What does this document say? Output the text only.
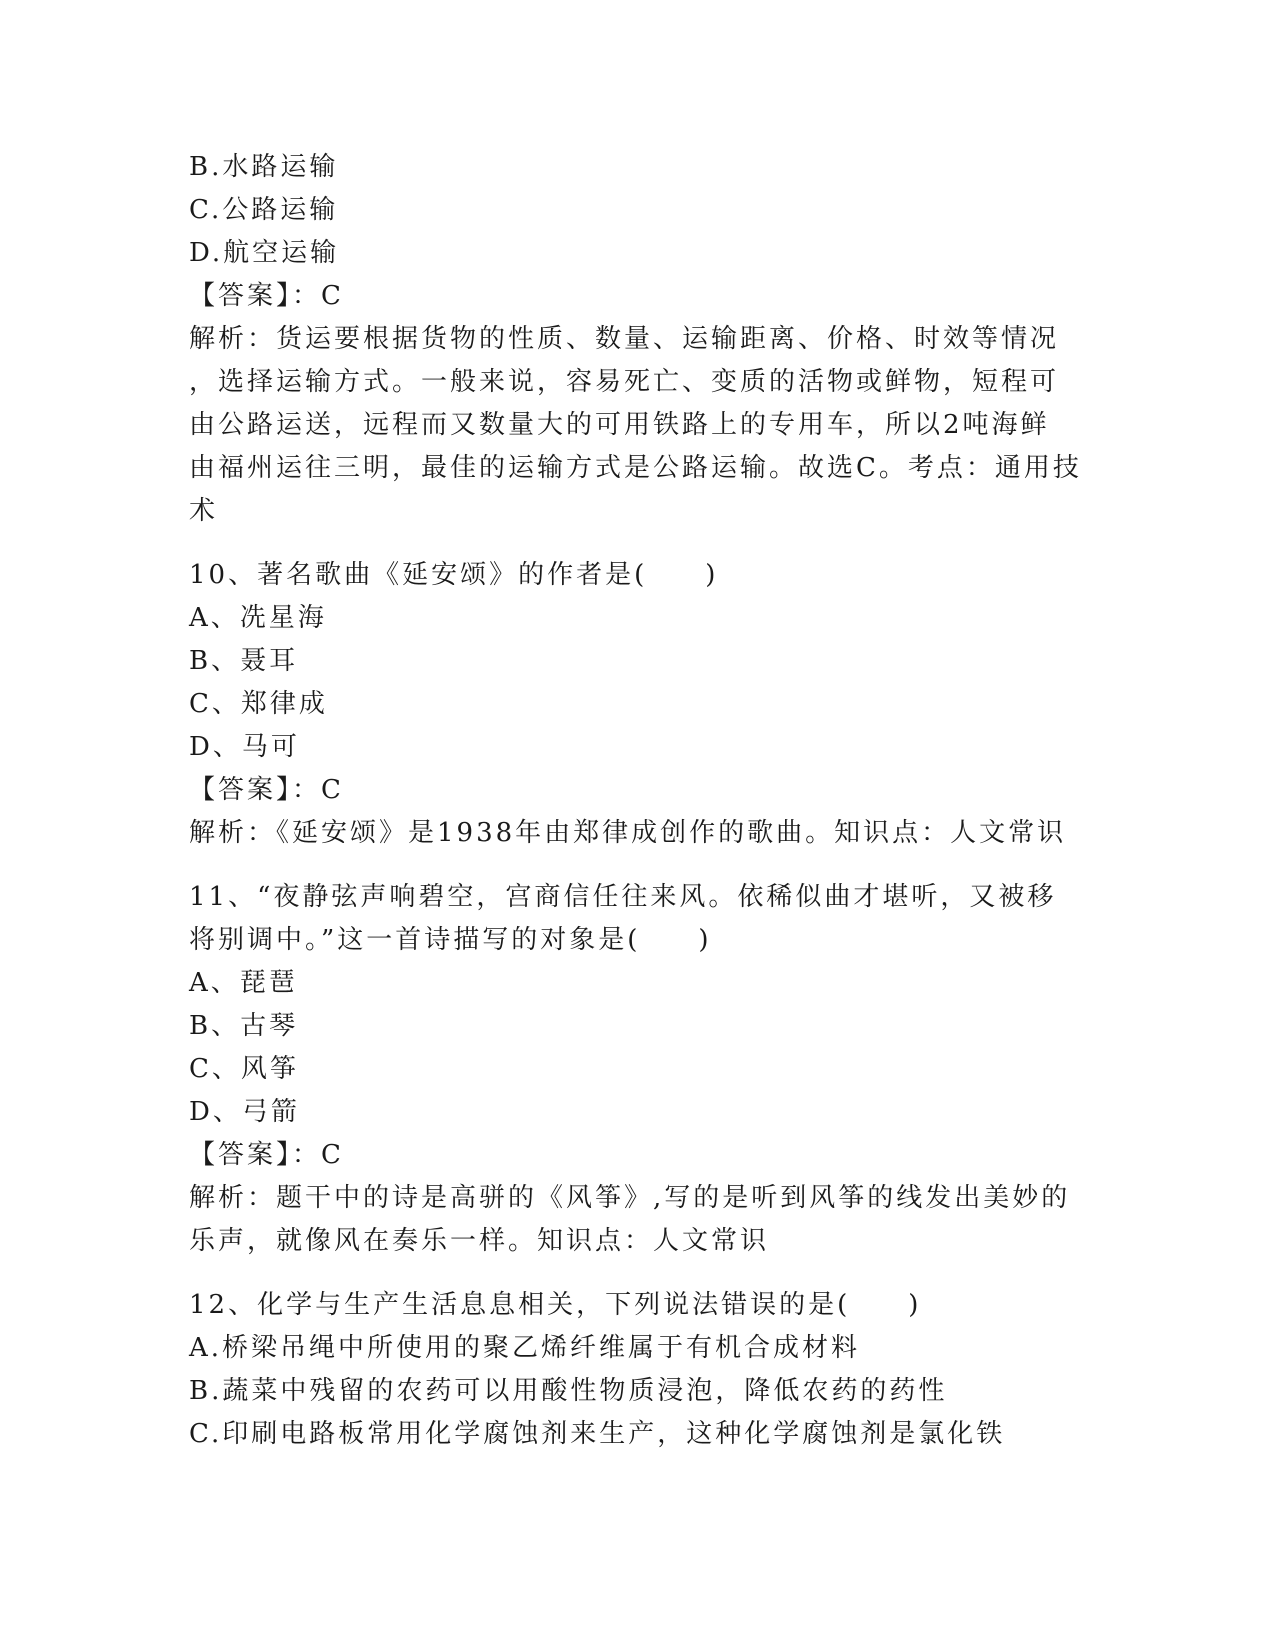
B.水路运输
C.公路运输
D.航空运输
【答案】：C
解析：货运要根据货物的性质、数量、运输距离、价格、时效等情况
，选择运输方式。一般来说，容易死亡、变质的活物或鲜物，短程可
由公路运送，远程而又数量大的可用铁路上的专用车，所以2吨海鲜
由福州运往三明，最佳的运输方式是公路运输。故选C。考点：通用技
术
10、著名歌曲《延安颂》的作者是(　　)
A、冼星海
B、聂耳
C、郑律成
D、马可
【答案】：C
解析：《延安颂》是1938年由郑律成创作的歌曲。知识点：人文常识
11、“夜静弦声响碧空，宫商信任往来风。依稀似曲才堪听，又被移
将别调中。”这一首诗描写的对象是(　　)
A、琵琶
B、古琴
C、风筝
D、弓箭
【答案】：C
解析：题干中的诗是高骈的《风筝》,写的是听到风筝的线发出美妙的
乐声，就像风在奏乐一样。知识点：人文常识
12、化学与生产生活息息相关，下列说法错误的是(　　)
A.桥梁吊绳中所使用的聚乙烯纤维属于有机合成材料
B.蔬菜中残留的农药可以用酸性物质浸泡，降低农药的药性
C.印刷电路板常用化学腐蚀剂来生产，这种化学腐蚀剂是氯化铁
